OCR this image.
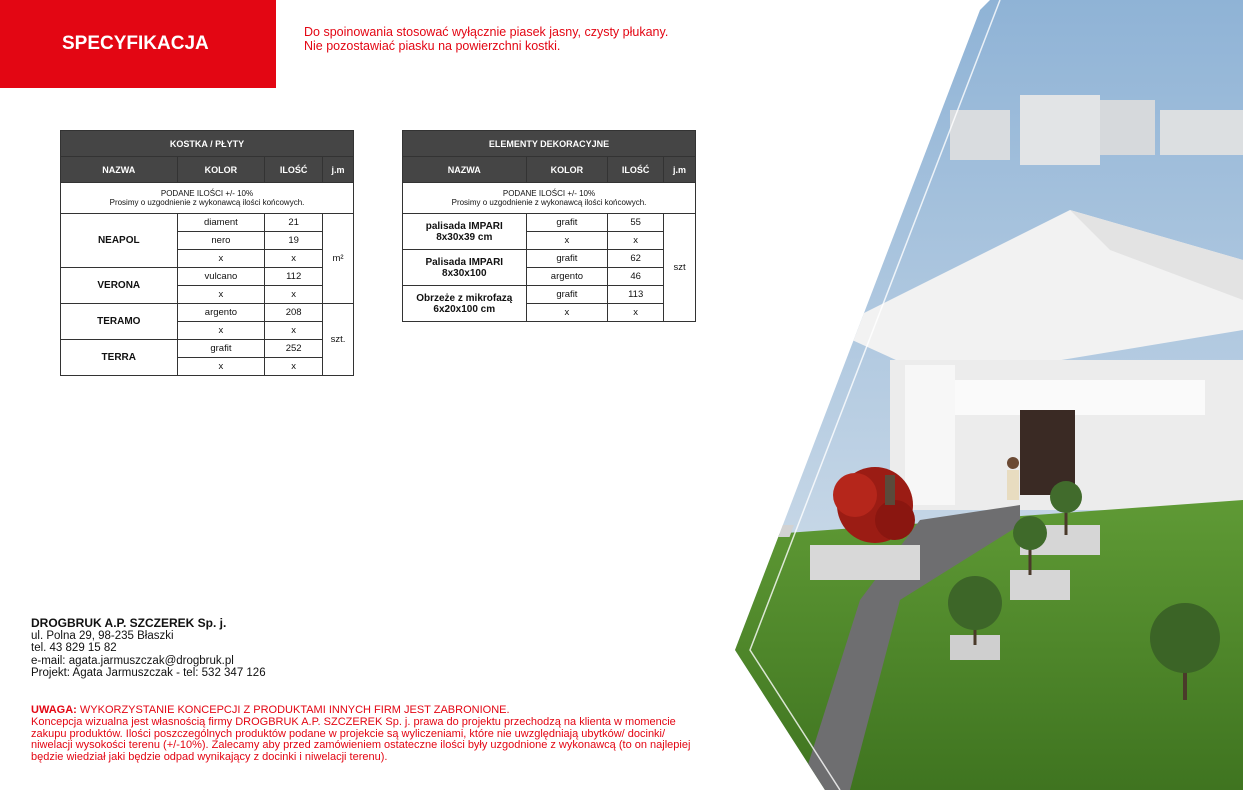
SPECYFIKACJA
Do spoinowania stosować wyłącznie piasek jasny, czysty płukany.
Nie pozostawiać piasku na powierzchni kostki.
KOSTKA / PŁYTY			
NAZWA	KOLOR	ILOŚĆ	j.m

PODANE ILOŚCI +/- 10%
Prosimy o uzgodnienie z wykonawcą ilości końcowych.			

NEAPOL	diament	21	m²
	nero	19	
	x	x	
VERONA	vulcano	112	
	x	x	
TERAMO	argento	208	szt.
	x	x	
TERRA	grafit	252	
	x	x	
ELEMENTY DEKORACYJNE			
NAZWA	KOLOR	ILOŚĆ	j.m

PODANE ILOŚCI +/- 10%
Prosimy o uzgodnienie z wykonawcą ilości końcowych.			

palisada IMPARI
8x30x39 cm	grafit	55	szt
	x	x	

Palisada IMPARI
8x30x100	grafit	62	
	argento	46	

Obrzeże z mikrofazą
6x20x100 cm	grafit	113	
	x	x	
DROGBRUK A.P. SZCZEREK Sp. j.
ul. Polna 29, 98-235 Błaszki
tel. 43 829 15 82
e-mail: agata.jarmuszczak@drogbruk.pl
Projekt: Agata Jarmuszczak - tel: 532 347 126
UWAGA: WYKORZYSTANIE KONCEPCJI Z PRODUKTAMI INNYCH FIRM JEST ZABRONIONE.
Koncepcja wizualna jest własnością firmy DROGBRUK A.P. SZCZEREK Sp. j. prawa do projektu przechodzą na klienta w momencie zakupu produktów. Ilości poszczególnych produktów podane w projekcie są wyliczeniami, które nie uwzględniają ubytków/ docinki/ niwelacji wysokości terenu (+/-10%). Zalecamy aby przed zamówieniem ostateczne ilości były uzgodnione z wykonawcą (to on najlepiej będzie wiedział jaki będzie odpad wynikający z docinki i niwelacji terenu).
